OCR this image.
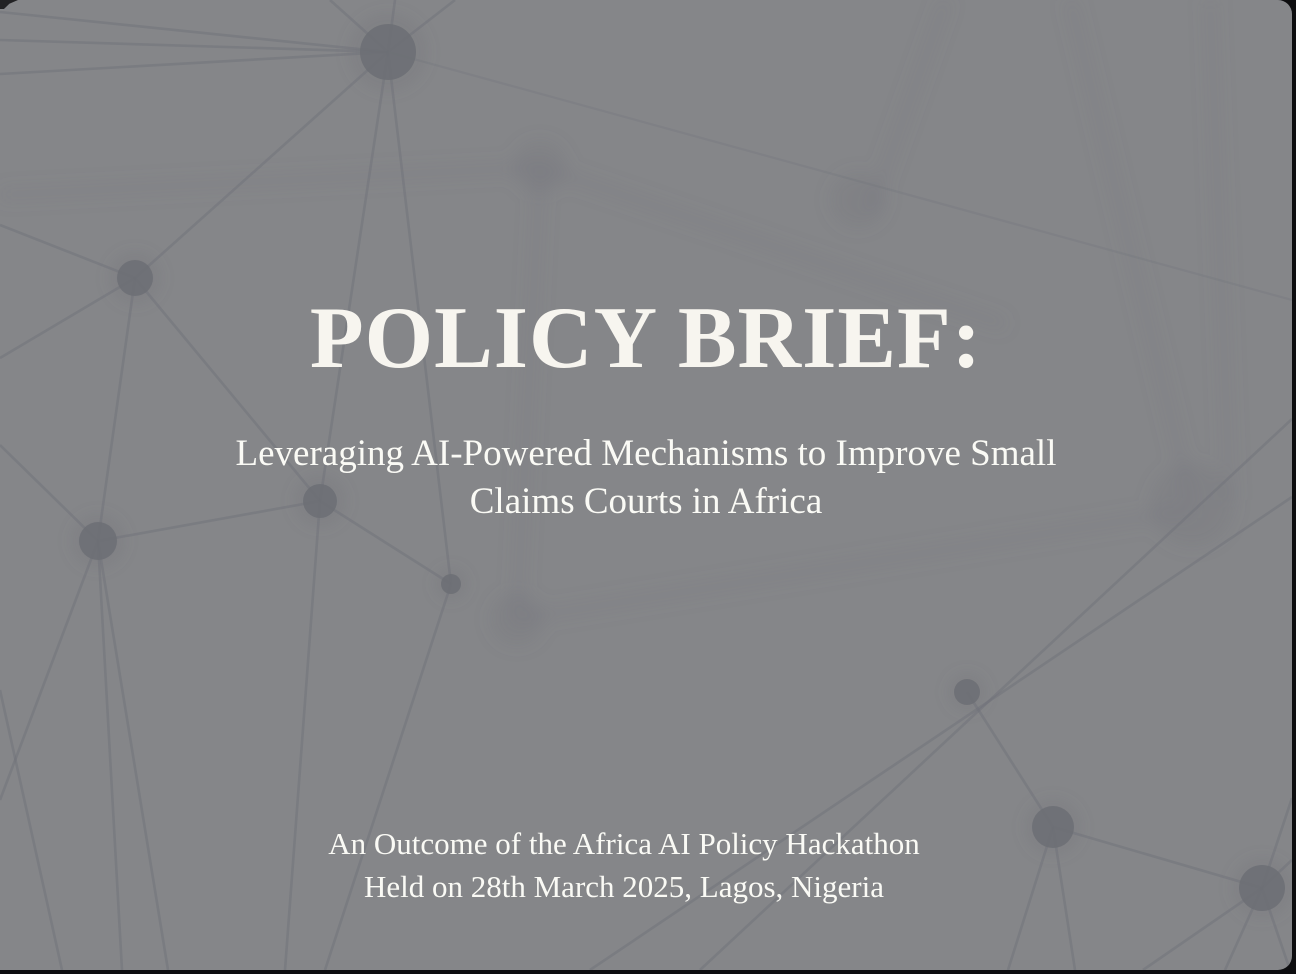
POLICY BRIEF:

Leveraging AI-Powered Mechanisms to Improve Small
Claims Courts in Africa

An Outcome of the Africa AI Policy Hackathon
Held on 28th March 2025, Lagos, Nigeria
